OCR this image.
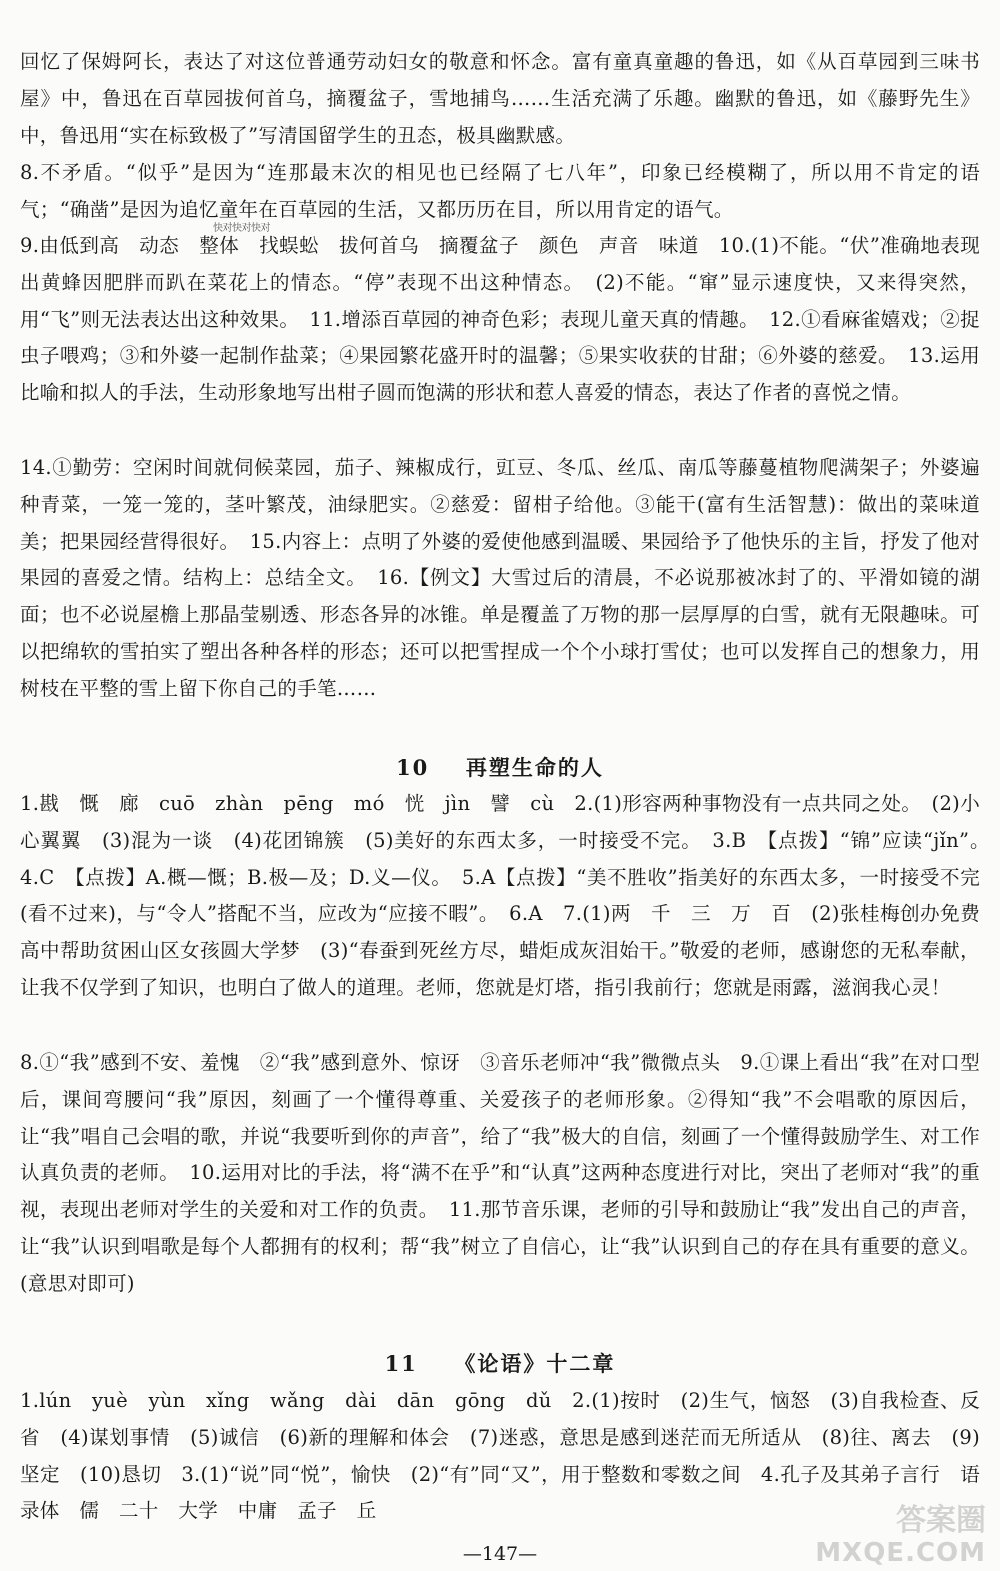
回忆了保姆阿长，表达了对这位普通劳动妇女的敬意和怀念。富有童真童趣的鲁迅，如《从百草园到三味书屋》中，鲁迅在百草园拔何首乌，摘覆盆子，雪地捕鸟……生活充满了乐趣。幽默的鲁迅，如《藤野先生》中，鲁迅用“实在标致极了”写清国留学生的丑态，极具幽默感。
8.不矛盾。“似乎”是因为“连那最末次的相见也已经隔了七八年”，印象已经模糊了，所以用不肯定的语气；“确凿”是因为追忆童年在百草园的生活，又都历历在目，所以用肯定的语气。
快对快对快对
9.由低到高　动态　整体　找蜈蚣　拔何首乌　摘覆盆子　颜色　声音　味道　10.(1)不能。“伏”准确地表现出黄蜂因肥胖而趴在菜花上的情态。“停”表现不出这种情态。　(2)不能。“窜”显示速度快，又来得突然，用“飞”则无法表达出这种效果。　11.增添百草园的神奇色彩；表现儿童天真的情趣。　12.①看麻雀嬉戏；②捉虫子喂鸡；③和外婆一起制作盐菜；④果园繁花盛开时的温馨；⑤果实收获的甘甜；⑥外婆的慈爱。　13.运用比喻和拟人的手法，生动形象地写出柑子圆而饱满的形状和惹人喜爱的情态，表达了作者的喜悦之情。
14.①勤劳：空闲时间就伺候菜园，茄子、辣椒成行，豇豆、冬瓜、丝瓜、南瓜等藤蔓植物爬满架子；外婆遍种青菜，一笼一笼的，茎叶繁茂，油绿肥实。②慈爱：留柑子给他。③能干(富有生活智慧)：做出的菜味道美；把果园经营得很好。　15.内容上：点明了外婆的爱使他感到温暖、果园给予了他快乐的主旨，抒发了他对果园的喜爱之情。结构上：总结全文。　16.【例文】大雪过后的清晨，不必说那被冰封了的、平滑如镜的湖面；也不必说屋檐上那晶莹剔透、形态各异的冰锥。单是覆盖了万物的那一层厚厚的白雪，就有无限趣味。可以把绵软的雪拍实了塑出各种各样的形态；还可以把雪捏成一个个小球打雪仗；也可以发挥自己的想象力，用树枝在平整的雪上留下你自己的手笔……
10 再塑生命的人
1.戡　慨　廊　cuō　zhàn　pēng　mó　恍　jìn　譬　cù　2.(1)形容两种事物没有一点共同之处。　(2)小心翼翼　(3)混为一谈　(4)花团锦簇　(5)美好的东西太多，一时接受不完。　3.B　【点拨】“锦”应读“jǐn”。　4.C　【点拨】A.概—慨；B.极—及；D.义—仪。　5.A【点拨】“美不胜收”指美好的东西太多，一时接受不完(看不过来)，与“令人”搭配不当，应改为“应接不暇”。　6.A　7.(1)两　千　三　万　百　(2)张桂梅创办免费高中帮助贫困山区女孩圆大学梦　(3)“春蚕到死丝方尽，蜡炬成灰泪始干。”敬爱的老师，感谢您的无私奉献，让我不仅学到了知识，也明白了做人的道理。老师，您就是灯塔，指引我前行；您就是雨露，滋润我心灵！
8.①“我”感到不安、羞愧　②“我”感到意外、惊讶　③音乐老师冲“我”微微点头　9.①课上看出“我”在对口型后，课间弯腰问“我”原因，刻画了一个懂得尊重、关爱孩子的老师形象。②得知“我”不会唱歌的原因后，让“我”唱自己会唱的歌，并说“我要听到你的声音”，给了“我”极大的自信，刻画了一个懂得鼓励学生、对工作认真负责的老师。　10.运用对比的手法，将“满不在乎”和“认真”这两种态度进行对比，突出了老师对“我”的重视，表现出老师对学生的关爱和对工作的负责。　11.那节音乐课，老师的引导和鼓励让“我”发出自己的声音，让“我”认识到唱歌是每个人都拥有的权利；帮“我”树立了自信心，让“我”认识到自己的存在具有重要的意义。(意思对即可)
11 《论语》十二章
1.lún　yuè　yùn　xǐng　wǎng　dài　dān　gōng　dǔ　2.(1)按时　(2)生气，恼怒　(3)自我检查、反省　(4)谋划事情　(5)诚信　(6)新的理解和体会　(7)迷惑，意思是感到迷茫而无所适从　(8)往、离去　(9)坚定　(10)恳切　3.(1)“说”同“悦”，愉快　(2)“有”同“又”，用于整数和零数之间　4.孔子及其弟子言行　语录体　儒　二十　大学　中庸　孟子　丘	答案圈
MXQE.COM
—147—
